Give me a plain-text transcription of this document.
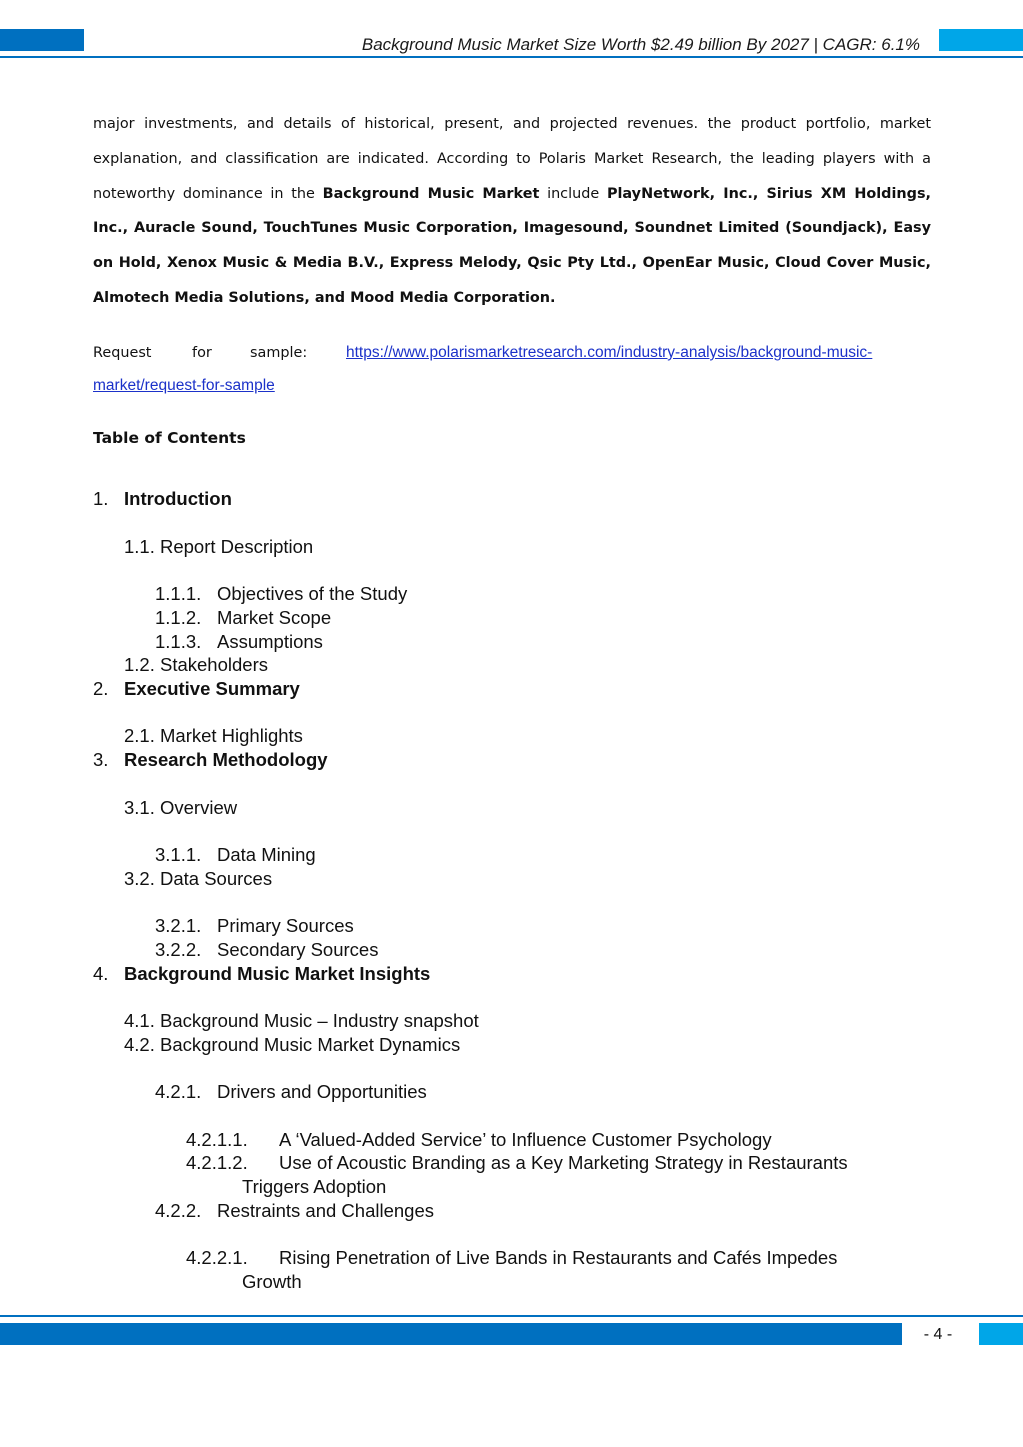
Background Music Market Size Worth $2.49 billion By 2027 | CAGR: 6.1%
major investments, and details of historical, present, and projected revenues. the product portfolio, market explanation, and classification are indicated. According to Polaris Market Research, the leading players with a noteworthy dominance in the Background Music Market include PlayNetwork, Inc., Sirius XM Holdings, Inc., Auracle Sound, TouchTunes Music Corporation, Imagesound, Soundnet Limited (Soundjack), Easy on Hold, Xenox Music & Media B.V., Express Melody, Qsic Pty Ltd., OpenEar Music, Cloud Cover Music, Almotech Media Solutions, and Mood Media Corporation.
Request	for	sample:	https://www.polarismarketresearch.com/industry-analysis/background-music-
market/request-for-sample
Table of Contents
1. Introduction
1.1. Report Description
1.1.1. Objectives of the Study
1.1.2. Market Scope
1.1.3. Assumptions
1.2. Stakeholders
2. Executive Summary
2.1. Market Highlights
3. Research Methodology
3.1. Overview
3.1.1. Data Mining
3.2. Data Sources
3.2.1. Primary Sources
3.2.2. Secondary Sources
4. Background Music Market Insights
4.1. Background Music – Industry snapshot
4.2. Background Music Market Dynamics
4.2.1. Drivers and Opportunities
4.2.1.1. A ‘Valued-Added Service’ to Influence Customer Psychology
4.2.1.2. Use of Acoustic Branding as a Key Marketing Strategy in Restaurants
Triggers Adoption
4.2.2. Restraints and Challenges
4.2.2.1. Rising Penetration of Live Bands in Restaurants and Cafés Impedes
Growth
- 4 -
